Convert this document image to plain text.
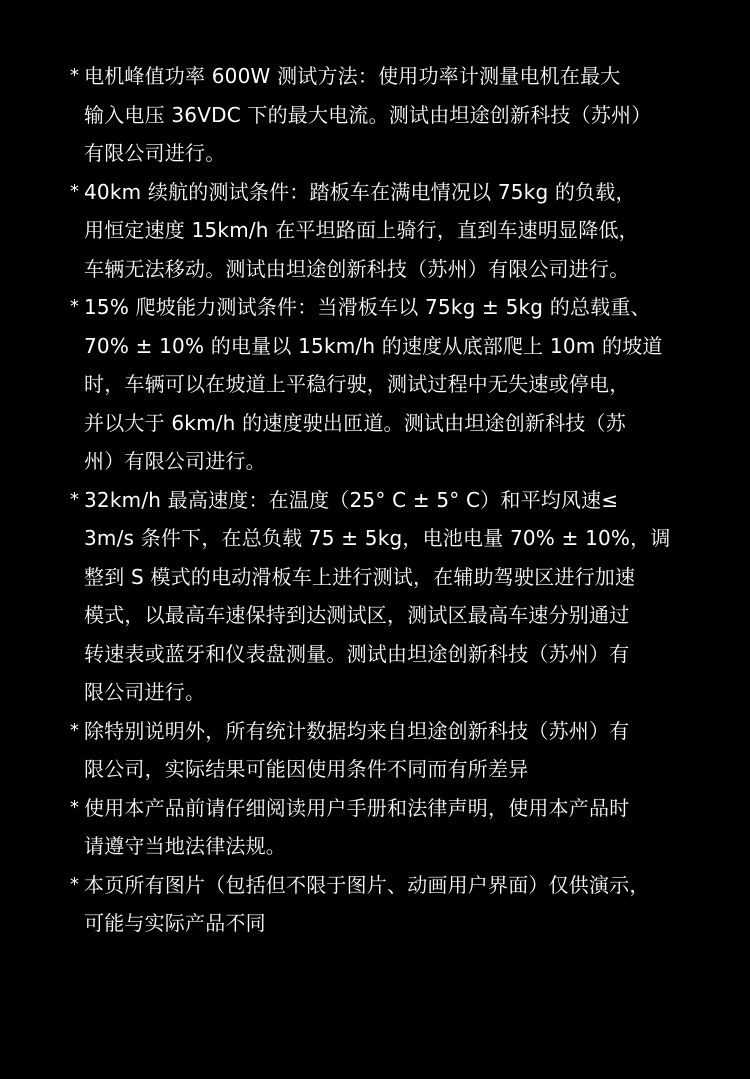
* 电机峰值功率 600W 测试方法：使用功率计测量电机在最大
输入电压 36VDC 下的最大电流。测试由坦途创新科技（苏州）
有限公司进行。
* 40km 续航的测试条件：踏板车在满电情况以 75kg 的负载，
用恒定速度 15km/h 在平坦路面上骑行，直到车速明显降低，
车辆无法移动。测试由坦途创新科技（苏州）有限公司进行。
* 15% 爬坡能力测试条件：当滑板车以 75kg ± 5kg 的总载重、
70% ± 10% 的电量以 15km/h 的速度从底部爬上 10m 的坡道
时，车辆可以在坡道上平稳行驶，测试过程中无失速或停电，
并以大于 6km/h 的速度驶出匝道。测试由坦途创新科技（苏
州）有限公司进行。
* 32km/h 最高速度：在温度（25° C ± 5° C）和平均风速≤
3m/s 条件下，在总负载 75 ± 5kg，电池电量 70% ± 10%，调
整到 S 模式的电动滑板车上进行测试，在辅助驾驶区进行加速
模式，以最高车速保持到达测试区，测试区最高车速分别通过
转速表或蓝牙和仪表盘测量。测试由坦途创新科技（苏州）有
限公司进行。
* 除特别说明外，所有统计数据均来自坦途创新科技（苏州）有
限公司，实际结果可能因使用条件不同而有所差异
* 使用本产品前请仔细阅读用户手册和法律声明，使用本产品时
请遵守当地法律法规。
* 本页所有图片（包括但不限于图片、动画用户界面）仅供演示，
可能与实际产品不同
